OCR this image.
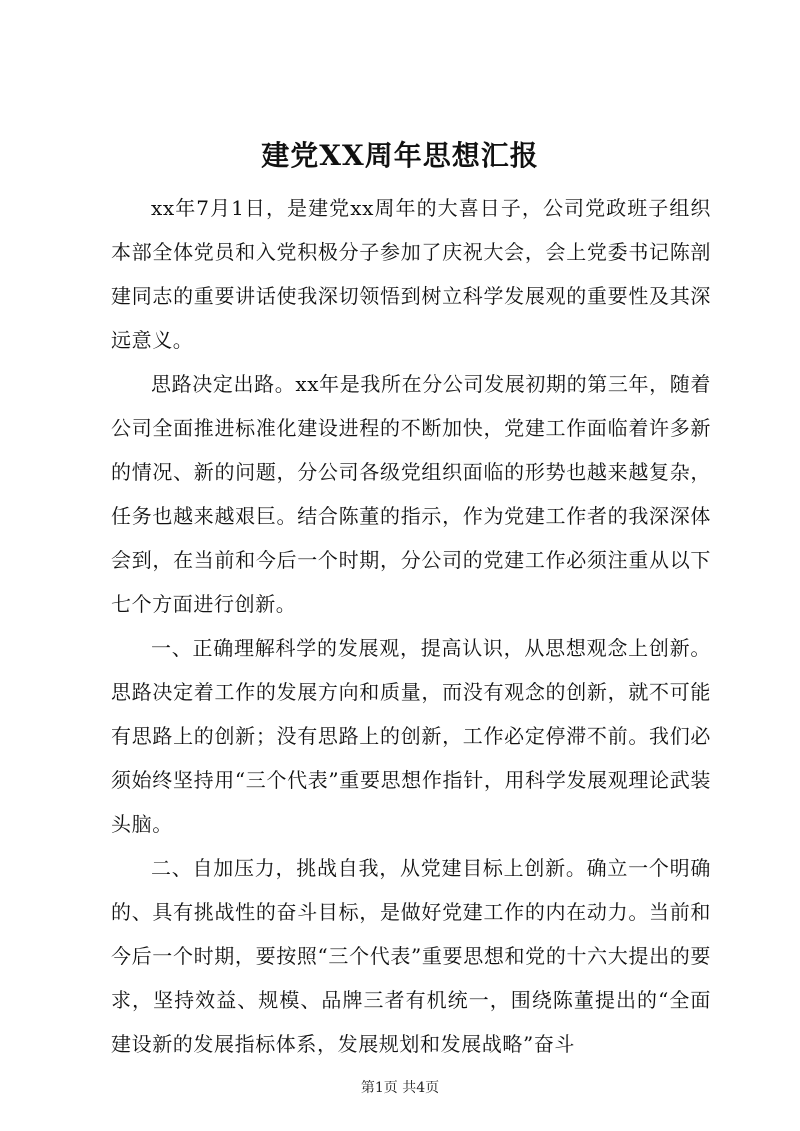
建党XX周年思想汇报

xx年7月1日，是建党xx周年的大喜日子，公司党政班子组织本部全体党员和入党积极分子参加了庆祝大会，会上党委书记陈剖建同志的重要讲话使我深切领悟到树立科学发展观的重要性及其深远意义。

思路决定出路。xx年是我所在分公司发展初期的第三年，随着公司全面推进标准化建设进程的不断加快，党建工作面临着许多新的情况、新的问题，分公司各级党组织面临的形势也越来越复杂，任务也越来越艰巨。结合陈董的指示，作为党建工作者的我深深体会到，在当前和今后一个时期，分公司的党建工作必须注重从以下七个方面进行创新。

一、正确理解科学的发展观，提高认识，从思想观念上创新。思路决定着工作的发展方向和质量，而没有观念的创新，就不可能有思路上的创新；没有思路上的创新，工作必定停滞不前。我们必须始终坚持用“三个代表”重要思想作指针，用科学发展观理论武装头脑。

二、自加压力，挑战自我，从党建目标上创新。确立一个明确的、具有挑战性的奋斗目标，是做好党建工作的内在动力。当前和今后一个时期，要按照“三个代表”重要思想和党的十六大提出的要求，坚持效益、规模、品牌三者有机统一，围绕陈董提出的“全面建设新的发展指标体系，发展规划和发展战略”奋斗

第1页 共4页
